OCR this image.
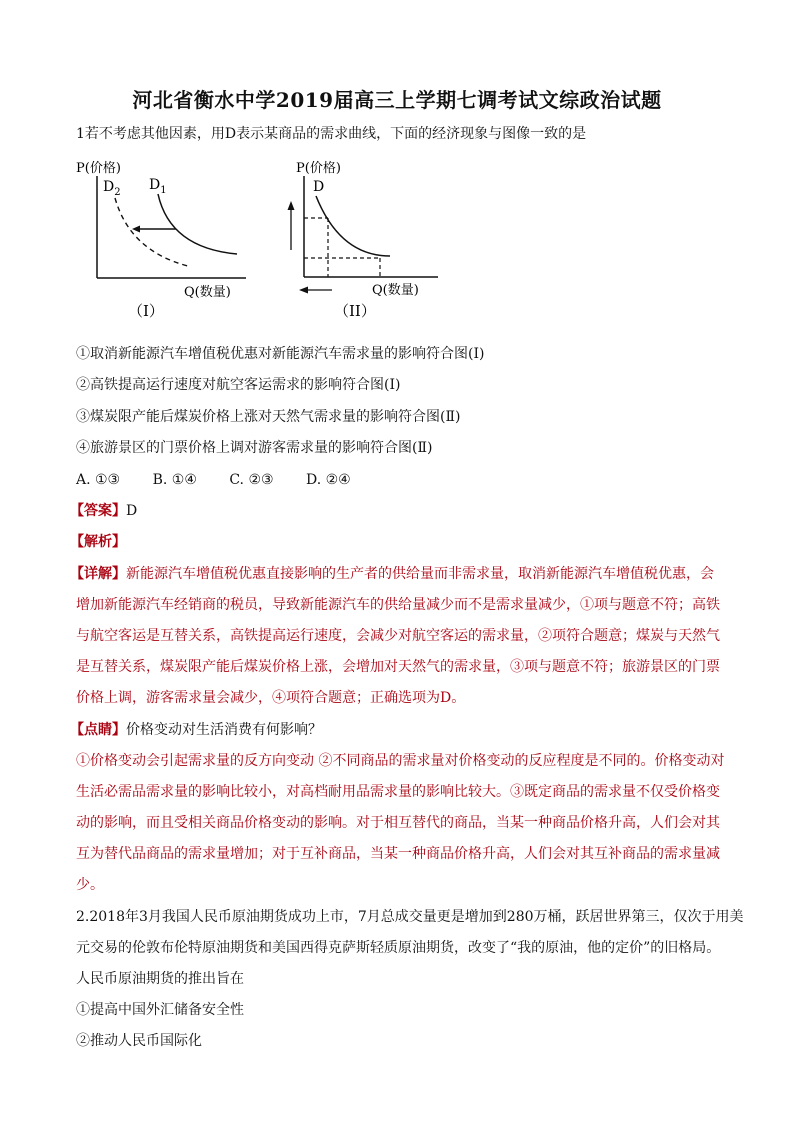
河北省衡水中学2019届高三上学期七调考试文综政治试题
1若不考虑其他因素，用D表示某商品的需求曲线，下面的经济现象与图像一致的是
P(价格)
$D_2$ $D_1$
Q(数量)
（I）
P(价格)
D
Q(数量)
（II）
①取消新能源汽车增值税优惠对新能源汽车需求量的影响符合图(I)
②高铁提高运行速度对航空客运需求的影响符合图(I)
③煤炭限产能后煤炭价格上涨对天然气需求量的影响符合图(Ⅱ)
④旅游景区的门票价格上调对游客需求量的影响符合图(Ⅱ)
A. ①③ B. ①④ C. ②③ D. ②④
【答案】D
【解析】
【详解】新能源汽车增值税优惠直接影响的生产者的供给量而非需求量，取消新能源汽车增值税优惠，会
增加新能源汽车经销商的税员，导致新能源汽车的供给量减少而不是需求量减少，①项与题意不符；高铁
与航空客运是互替关系，高铁提高运行速度，会减少对航空客运的需求量，②项符合题意；煤炭与天然气
是互替关系，煤炭限产能后煤炭价格上涨，会增加对天然气的需求量，③项与题意不符；旅游景区的门票
价格上调，游客需求量会减少，④项符合题意；正确选项为D。
【点睛】价格变动对生活消费有何影响？
①价格变动会引起需求量的反方向变动 ②不同商品的需求量对价格变动的反应程度是不同的。价格变动对
生活必需品需求量的影响比较小，对高档耐用品需求量的影响比较大。③既定商品的需求量不仅受价格变
动的影响，而且受相关商品价格变动的影响。对于相互替代的商品，当某一种商品价格升高，人们会对其
互为替代品商品的需求量增加；对于互补商品，当某一种商品价格升高，人们会对其互补商品的需求量减
少。
2.2018年3月我国人民币原油期货成功上市，7月总成交量更是增加到280万桶，跃居世界第三，仅次于用美
元交易的伦敦布伦特原油期货和美国西得克萨斯轻质原油期货，改变了“我的原油，他的定价”的旧格局。
人民币原油期货的推出旨在
①提高中国外汇储备安全性
②推动人民币国际化
